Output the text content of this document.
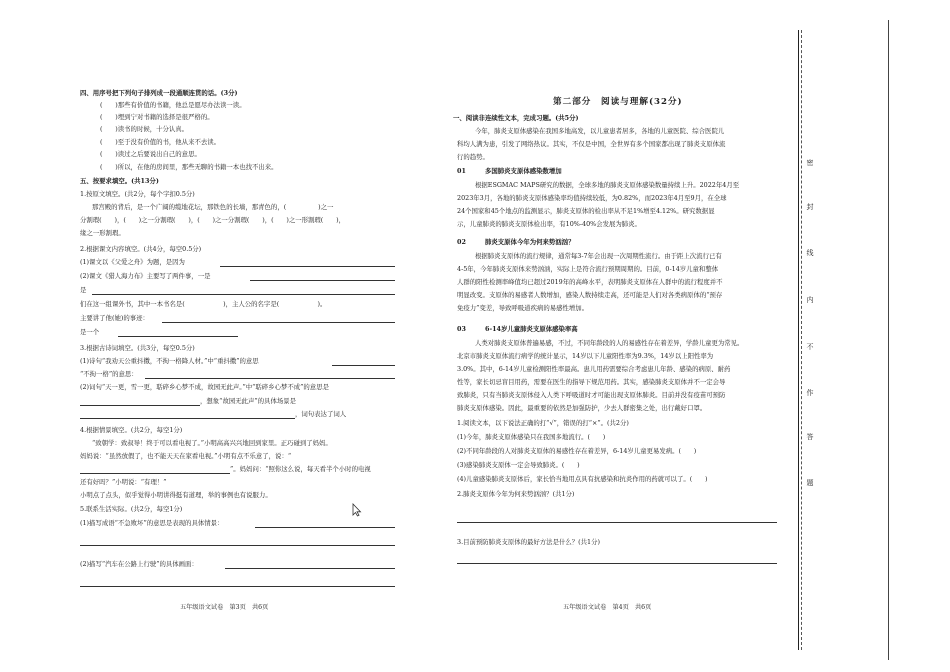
四、用序号把下列句子排列成一段通顺连贯的话。(3分)
(　　)那些有价值的书籍，他总是愿尽办法读一读。
(　　)埋到宁对书籍的选择是很严格的。
(　　)读书的时候，十分认真。
(　　)至于没有价值的书，他从来不去读。
(　　)读过之后要说出自己的意思。
(　　)所以，在他的房间里，那些无聊的书籍一本也找不出来。
五、按要求填空。(共13分)
1.按原文填空。(共2分，每个字扣0.5分)
那宫殿的背后，是一个广阔的缆地花坛，那铁色的长墙，那青色的，(　　　　　)之一
分割瑕(　　)，(　　)之一分割瑕(　　)，(　　)之一分割瑕(　　)，(　　)之一形割瑕(　　)，
缘之一形割瑕。
2.根据课文内容填空。(共4分，每空0.5分)
(1)课文以《父爱之舟》为题，是因为
(2)课文《猎人海力布》主要写了两件事，一是
是
们在这一组课外书，其中一本书名是(　　　　　　)，主人公的名字是(　　　　　　)。
主要讲了他(她)的事迹：
是一个
3.根据古诗词填空。(共3分，每空0.5分)
(1)诗句“我劝天公重抖擞，不拘一格降人材。”中“重抖擞”的意思
“不拘一格”的意思：
(2)词句“天一更，雪一更，聒碎乡心梦不成，故园无此声。”中“聒碎乡心梦不成”的意思是
，想象“故园无此声”的具体场景是
，词句表达了词人
4.根据情景填空。(共2分，每空1分)
“致朝学：致叔导！终于可以看电视了。”小明高高兴兴地回到家里。正巧碰到了妈妈。
妈妈说：“虽然放假了，也不能天天在家看电视。”小明有点不乐意了，说：“
”。妈妈问：“照你这么说，每天看半个小时的电视
还有好吗？”小明说：“有理！”
小明点了点头，似乎觉得小明讲得挺有道理，举的事例也有说服力。
5.联系生活实际。(共2分，每空1分)
(1)描写成语“不急败坏”的意思是表现的具体情景：
(2)描写“汽车在公路上行驶”的具体画面：
五年级语文试卷　第3页　共6页
第二部分　阅读与理解(32分)
一、阅读非连续性文本，完成习题。(共5分)
今年，肺炎支原体感染在我国多地高发，以儿童患者居多，各地的儿童医院、综合医院儿
科均人满为患，引发了网络热议。其实，不仅是中国，全世界有多个国家都出现了肺炎支原体流
行的趋势。
01	多国肺炎支原体感染数增加
根据ESGMAC MAPS研究的数据，全球多地的肺炎支原体感染数量持续上升。2022年4月至
2023年3月，各地的肺炎支原体感染率均值持续较低，为0.82%，而2023年4月至9月，在全球
24个国家和45个地点的监测显示，肺炎支原体的检出率从不足1%增至4.12%。研究数据显
示，儿童肺炎的肺炎支原体检出率，有10%-40%会发展为肺炎。
02	肺炎支原体今年为何来势汹汹？
根据肺炎支原体的流行规律，通常每3-7年会出现一次周期性流行。由于距上次流行已有
4-5年，今年肺炎支原体来势汹汹，实际上是符合流行预期周期的。目前，0-14岁儿童和整体
人群的阳性检测率峰值均已超过2019年的高峰水平，表明肺炎支原体在人群中的流行程度并不
明显改变。支原体的易感者人数增加，感染人数持续走高，还可能是人们对各类病原体的“预存
免疫力”变差，导致呼吸道疾病的易感性增加。
03	6-14岁儿童肺炎支原体感染率高
人类对肺炎支原体普遍易感，不过，不同年龄段的人的易感性存在着差异，学龄儿童更为常见。
北京市肺炎支原体流行病学的统计显示，14岁以下儿童阳性率为9.3%，14岁以上阳性率为
3.0%。其中，6-14岁儿童检测阳性率最高。患儿用药需要综合考虑患儿年龄、感染的病原、耐药
性等，家长切忌盲目用药，需要在医生的指导下规范用药。其实，感染肺炎支原体并不一定会导
致肺炎，只有当肺炎支原体侵入人类下呼吸道时才可能出现支原体肺炎。目前并没有疫苗可预防
肺炎支原体感染。因此，最重要的依然是加强防护，少去人群密集之处，出行戴好口罩。
1.阅读文本，以下说法正确的打“√”，错误的打“×”。(共2分)
(1)今年，肺炎支原体感染只在我国多地流行。(　　)
(2)不同年龄段的人对肺炎支原体的易感性存在着差异，6-14岁儿童更易发病。(　　)
(3)感染肺炎支原体一定会导致肺炎。(　　)
(4)儿童感染肺炎支原体后，家长恰当地用点具有抗感染和抗炎作用的药就可以了。(　　)
2.肺炎支原体今年为何来势汹汹？(共1分)
3.目前预防肺炎支原体的最好方法是什么？(共1分)
五年级语文试卷　第4页　共6页
密
封
线
内
不
作
答
题
